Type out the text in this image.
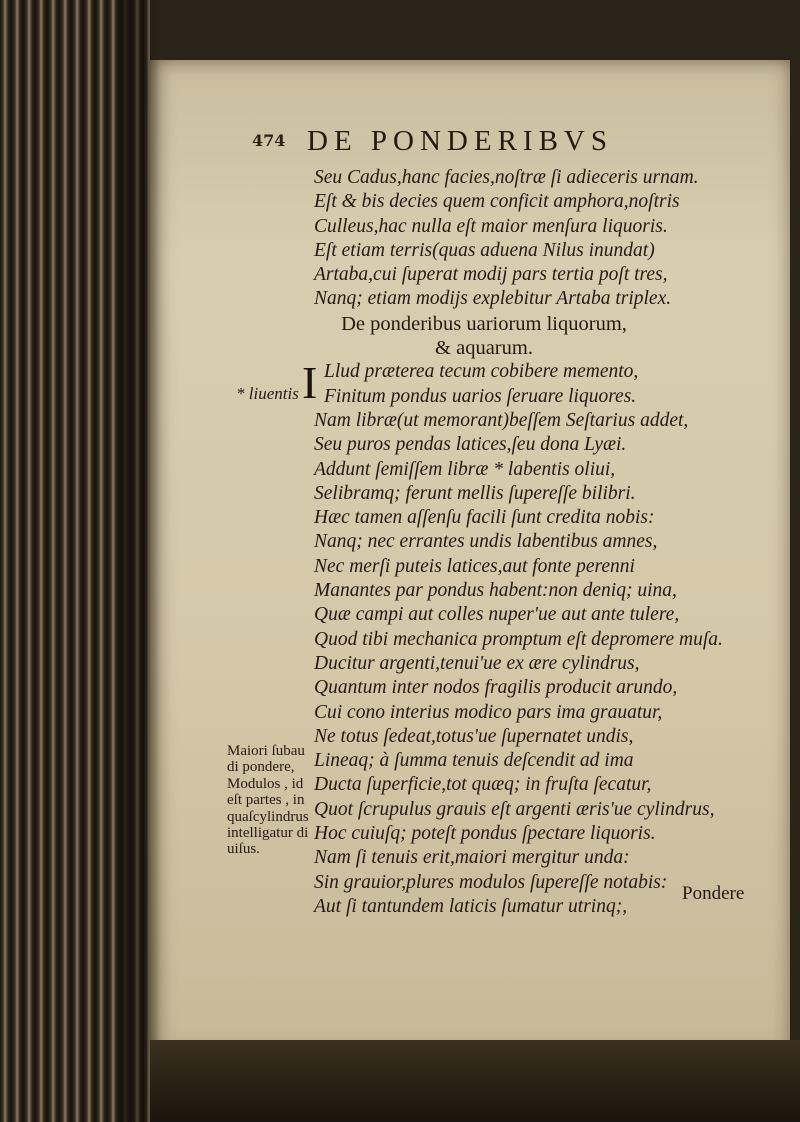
474 DE PONDERIBVS
Seu Cadus,hanc facies,noſtræ ſi adieceris urnam.
Eſt & bis decies quem conficit amphora,noſtris
Culleus,hac nulla eſt maior menſura liquoris.
Eſt etiam terris(quas aduena Nilus inundat)
Artaba,cui ſuperat modij pars tertia poſt tres,
Nanq; etiam modijs explebitur Artaba triplex.
De ponderibus uariorum liquorum,
& aquarum.
I Llud præterea tecum cobibere memento,
Finitum pondus uarios ſeruare liquores.
Nam libræ(ut memorant)beſſem Seſtarius addet,
Seu puros pendas latices,ſeu dona Lyæi.
Addunt ſemiſſem libræ * labentis oliui,
Selibramq; ferunt mellis ſupereſſe bilibri.
Hæc tamen aſſenſu facili ſunt credita nobis:
Nanq; nec errantes undis labentibus amnes,
Nec merſi puteis latices,aut fonte perenni
Manantes par pondus habent:non deniq; uina,
Quæ campi aut colles nuper'ue aut ante tulere,
Quod tibi mechanica promptum eſt depromere muſa.
Ducitur argenti,tenui'ue ex ære cylindrus,
Quantum inter nodos fragilis producit arundo,
Cui cono interius modico pars ima grauatur,
Ne totus ſedeat,totus'ue ſupernatet undis,
Lineaq; à ſumma tenuis deſcendit ad ima
Ducta ſuperficie,tot quæq; in fruſta ſecatur,
Quot ſcrupulus grauis eſt argenti æris'ue cylindrus,
Hoc cuiuſq; poteſt pondus ſpectare liquoris.
Nam ſi tenuis erit,maiori mergitur unda:
Sin grauior,plures modulos ſupereſſe notabis:
Aut ſi tantundem laticis ſumatur utrinq;,
* liuentis
Maiori ſubau
di pondere,
Modulos , id
eſt partes , in
quaſcylindrus
intelligatur di
uiſus.
Pondere
